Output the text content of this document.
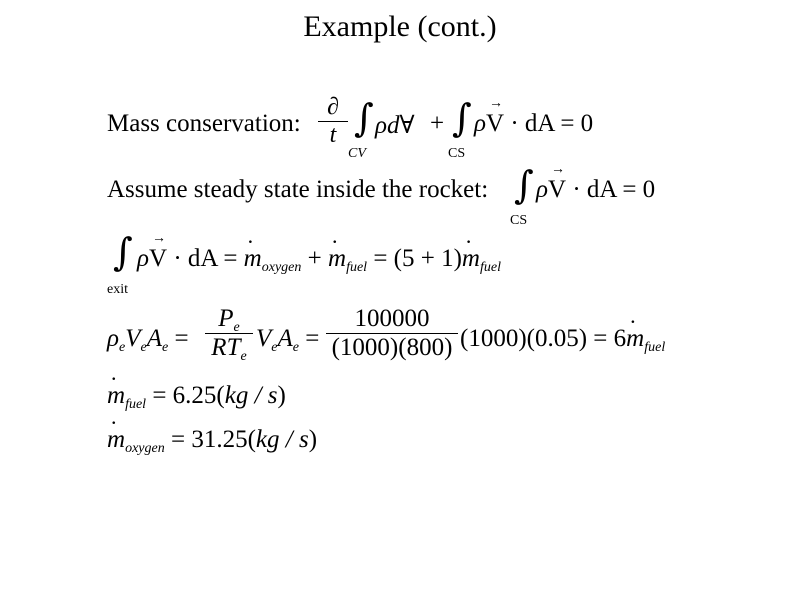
Example (cont.)
Mass conservation:
∂
t ∫
CV
ρd∀ + ∫
CS
ρ→ V · dA = 0
Assume steady state inside the rocket: ∫
CS
ρ→ V · dA = 0
∫
exit
ρ→ V · dA = m $._{oxygen} + m$ $._{fuel} = (5 + 1)m$ $._{fuel}$
$\rho_eV_eA_e$ =
$P_e$
$RT_e$
$V_eA_e = \frac{100000}{(1000)(800)} (1000)(0.05) = 6m$ $._{fuel}$
m $._{fuel} = 6.25(kg / s)$
m $._{oxygen} = 31.25(kg / s)$
